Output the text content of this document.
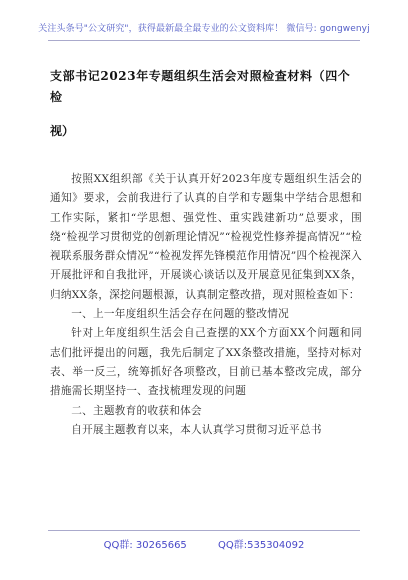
关注头条号"公文研究"，获得最新最全最专业的公文资料库！ 微信号: gongwenyj
支部书记2023年专题组织生活会对照检查材料（四个检
视）

按照XX组织部《关于认真开好2023年度专题组织生活会的通知》要求，会前我进行了认真的自学和专题集中学结合思想和工作实际，紧扣“学思想、强党性、重实践建新功”总要求，围绕“检视学习贯彻党的创新理论情况”“检视党性修养提高情况”“检视联系服务群众情况”“检视发挥先锋模范作用情况”四个检视深入开展批评和自我批评，开展谈心谈话以及开展意见征集到XX条，归纳XX条，深挖问题根源，认真制定整改措，现对照检查如下：

一、上一年度组织生活会存在问题的整改情况

针对上年度组织生活会自己查摆的XX个方面XX个问题和同志们批评提出的问题，我先后制定了XX条整改措施，坚持对标对表、举一反三，统筹抓好各项整改，目前已基本整改完成，部分措施需长期坚持一、查找梳理发现的问题

二、主题教育的收获和体会

自开展主题教育以来，本人认真学习贯彻习近平总书

QQ群: 30265665	QQ群:535304092
